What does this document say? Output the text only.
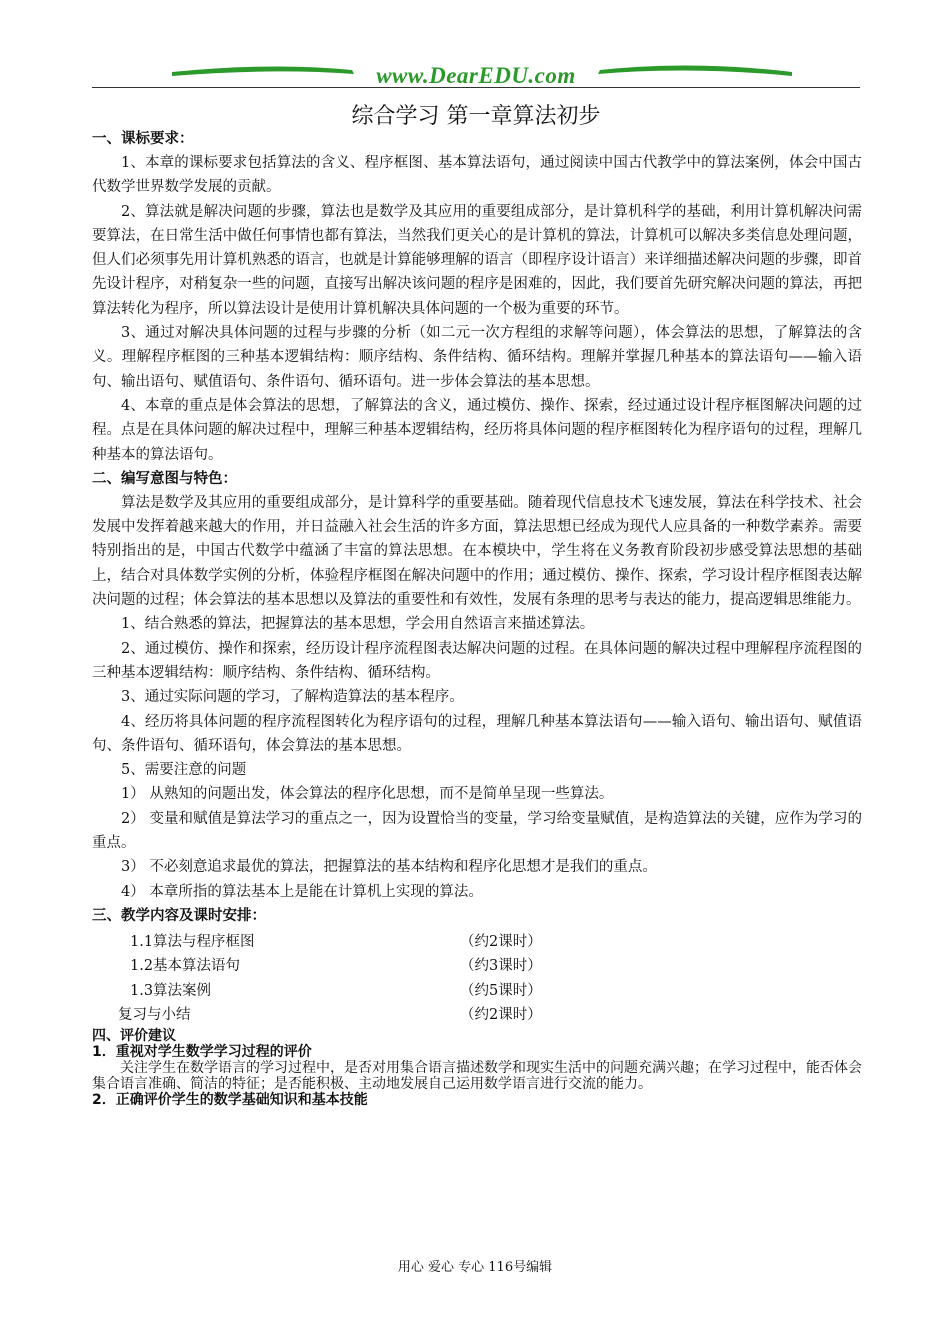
www.DearEDU.com
综合学习 第一章算法初步
一、课标要求：

1、本章的课标要求包括算法的含义、程序框图、基本算法语句，通过阅读中国古代教学中的算法案例，体会中国古代数学世界数学发展的贡献。

2、算法就是解决问题的步骤，算法也是数学及其应用的重要组成部分，是计算机科学的基础，利用计算机解决问需要算法，在日常生活中做任何事情也都有算法，当然我们更关心的是计算机的算法，计算机可以解决多类信息处理问题，但人们必须事先用计算机熟悉的语言，也就是计算能够理解的语言（即程序设计语言）来详细描述解决问题的步骤，即首先设计程序，对稍复杂一些的问题，直接写出解决该问题的程序是困难的，因此，我们要首先研究解决问题的算法，再把算法转化为程序，所以算法设计是使用计算机解决具体问题的一个极为重要的环节。

3、通过对解决具体问题的过程与步骤的分析（如二元一次方程组的求解等问题），体会算法的思想，了解算法的含义。理解程序框图的三种基本逻辑结构：顺序结构、条件结构、循环结构。理解并掌握几种基本的算法语句——输入语句、输出语句、赋值语句、条件语句、循环语句。进一步体会算法的基本思想。

4、本章的重点是体会算法的思想，了解算法的含义，通过模仿、操作、探索，经过通过设计程序框图解决问题的过程。点是在具体问题的解决过程中，理解三种基本逻辑结构，经历将具体问题的程序框图转化为程序语句的过程，理解几种基本的算法语句。

二、编写意图与特色：

算法是数学及其应用的重要组成部分，是计算科学的重要基础。随着现代信息技术飞速发展，算法在科学技术、社会发展中发挥着越来越大的作用，并日益融入社会生活的许多方面，算法思想已经成为现代人应具备的一种数学素养。需要特别指出的是，中国古代数学中蕴涵了丰富的算法思想。在本模块中，学生将在义务教育阶段初步感受算法思想的基础上，结合对具体数学实例的分析，体验程序框图在解决问题中的作用；通过模仿、操作、探索，学习设计程序框图表达解决问题的过程；体会算法的基本思想以及算法的重要性和有效性，发展有条理的思考与表达的能力，提高逻辑思维能力。

1、结合熟悉的算法，把握算法的基本思想，学会用自然语言来描述算法。

2、通过模仿、操作和探索，经历设计程序流程图表达解决问题的过程。在具体问题的解决过程中理解程序流程图的三种基本逻辑结构：顺序结构、条件结构、循环结构。

3、通过实际问题的学习，了解构造算法的基本程序。

4、经历将具体问题的程序流程图转化为程序语句的过程，理解几种基本算法语句——输入语句、输出语句、赋值语句、条件语句、循环语句，体会算法的基本思想。

5、需要注意的问题

1） 从熟知的问题出发，体会算法的程序化思想，而不是简单呈现一些算法。

2） 变量和赋值是算法学习的重点之一，因为设置恰当的变量，学习给变量赋值，是构造算法的关键，应作为学习的重点。

3） 不必刻意追求最优的算法，把握算法的基本结构和程序化思想才是我们的重点。

4） 本章所指的算法基本上是能在计算机上实现的算法。

三、教学内容及课时安排：
1.1算法与程序框图	（约2课时）
1.2基本算法语句	（约3课时）
1.3算法案例	（约5课时）
复习与小结	（约2课时）
四、评价建议
1．重视对学生数学学习过程的评价

关注学生在数学语言的学习过程中，是否对用集合语言描述数学和现实生活中的问题充满兴趣；在学习过程中，能否体会集合语言准确、简洁的特征；是否能积极、主动地发展自己运用数学语言进行交流的能力。

2．正确评价学生的数学基础知识和基本技能
用心 爱心 专心 116号编辑
